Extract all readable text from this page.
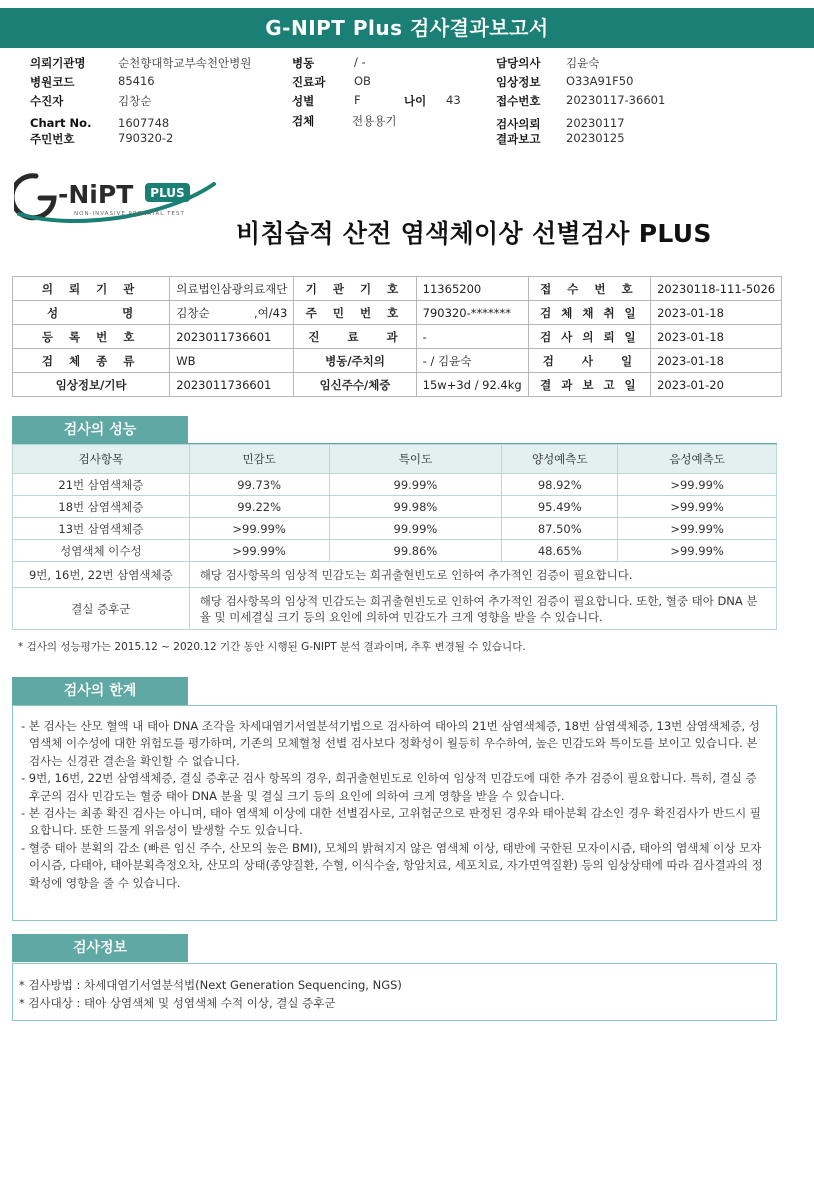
G-NIPT Plus 검사결과보고서
의뢰기관명	순천향대학교부속천안병원	병동	/ -	담당의사 김윤숙
병원코드	85416	진료과 OB	임상정보 O33A91F50
수진자	김창순	성별	F	나이 43	접수번호 20230117-36601
Chart No. 1607748	검체	전용용기	검사의뢰 20230117
주민번호	790320-2	결과보고 20230125
-NiPT PLUS
NON-INVASIVE PRENATAL TEST
비침습적 산전 염색체이상 선별검사 PLUS
의 뢰 기 관	의료법인삼광의료재단	기 관 기 호	11365200	접 수 번 호	20230118-111-5026
성 명	김창순 ,여/43	주 민 번 호	790320-*******	검 체 채 취 일	2023-01-18
등 록 번 호	2023011736601	진 료 과	-	검 사 의 뢰 일	2023-01-18
검 체 종 류	WB	병동/주치의	- / 김윤숙	검 사 일	2023-01-18
임상정보/기타	2023011736601	임신주수/체중	15w+3d / 92.4kg	결 과 보 고 일	2023-01-20
검사의 성능
검사항목	민감도	특이도	양성예측도	음성예측도
21번 삼염색체증	99.73%	99.99%	98.92%	>99.99%
18번 삼염색체증	99.22%	99.98%	95.49%	>99.99%
13번 삼염색체증	>99.99%	99.99%	87.50%	>99.99%
성염색체 이수성	>99.99%	99.86%	48.65%	>99.99%
9번, 16번, 22번 삼염색체증	해당 검사항목의 임상적 민감도는 희귀출현빈도로 인하여 추가적인 검증이 필요합니다.			
결실 증후군	해당 검사항목의 임상적 민감도는 희귀출현빈도로 인하여 추가적인 검증이 필요합니다. 또한, 혈중 태아 DNA 분율 및 미세결실 크기 등의 요인에 의하여 민감도가 크게 영향을 받을 수 있습니다.			
* 검사의 성능평가는 2015.12 ~ 2020.12 기간 동안 시행된 G-NIPT 분석 결과이며, 추후 변경될 수 있습니다.
검사의 한계
- 본 검사는 산모 혈액 내 태아 DNA 조각을 차세대염기서열분석기법으로 검사하여 태아의 21번 삼염색체증, 18번 삼염색체증, 13번 삼염색체증, 성염색체 이수성에 대한 위험도를 평가하며, 기존의 모체혈청 선별 검사보다 정확성이 월등히 우수하여, 높은 민감도와 특이도를 보이고 있습니다. 본 검사는 신경관 결손을 확인할 수 없습니다.
- 9번, 16번, 22번 삼염색체증, 결실 증후군 검사 항목의 경우, 희귀출현빈도로 인하여 임상적 민감도에 대한 추가 검증이 필요합니다. 특히, 결실 증후군의 검사 민감도는 혈중 태아 DNA 분율 및 결실 크기 등의 요인에 의하여 크게 영향을 받을 수 있습니다.
- 본 검사는 최종 확진 검사는 아니며, 태아 염색체 이상에 대한 선별검사로, 고위험군으로 판정된 경우와 태아분획 감소인 경우 확진검사가 반드시 필요합니다. 또한 드물게 위음성이 발생할 수도 있습니다.
- 혈중 태아 분획의 감소 (빠른 임신 주수, 산모의 높은 BMI), 모체의 밝혀지지 않은 염색체 이상, 태반에 국한된 모자이시즘, 태아의 염색체 이상 모자이시즘, 다태아, 태아분획측정오차, 산모의 상태(종양질환, 수혈, 이식수술, 항암치료, 세포치료, 자가면역질환) 등의 임상상태에 따라 검사결과의 정확성에 영향을 줄 수 있습니다.
검사정보
* 검사방법 : 차세대염기서열분석법(Next Generation Sequencing, NGS)
* 검사대상 : 태아 상염색체 및 성염색체 수적 이상, 결실 증후군
